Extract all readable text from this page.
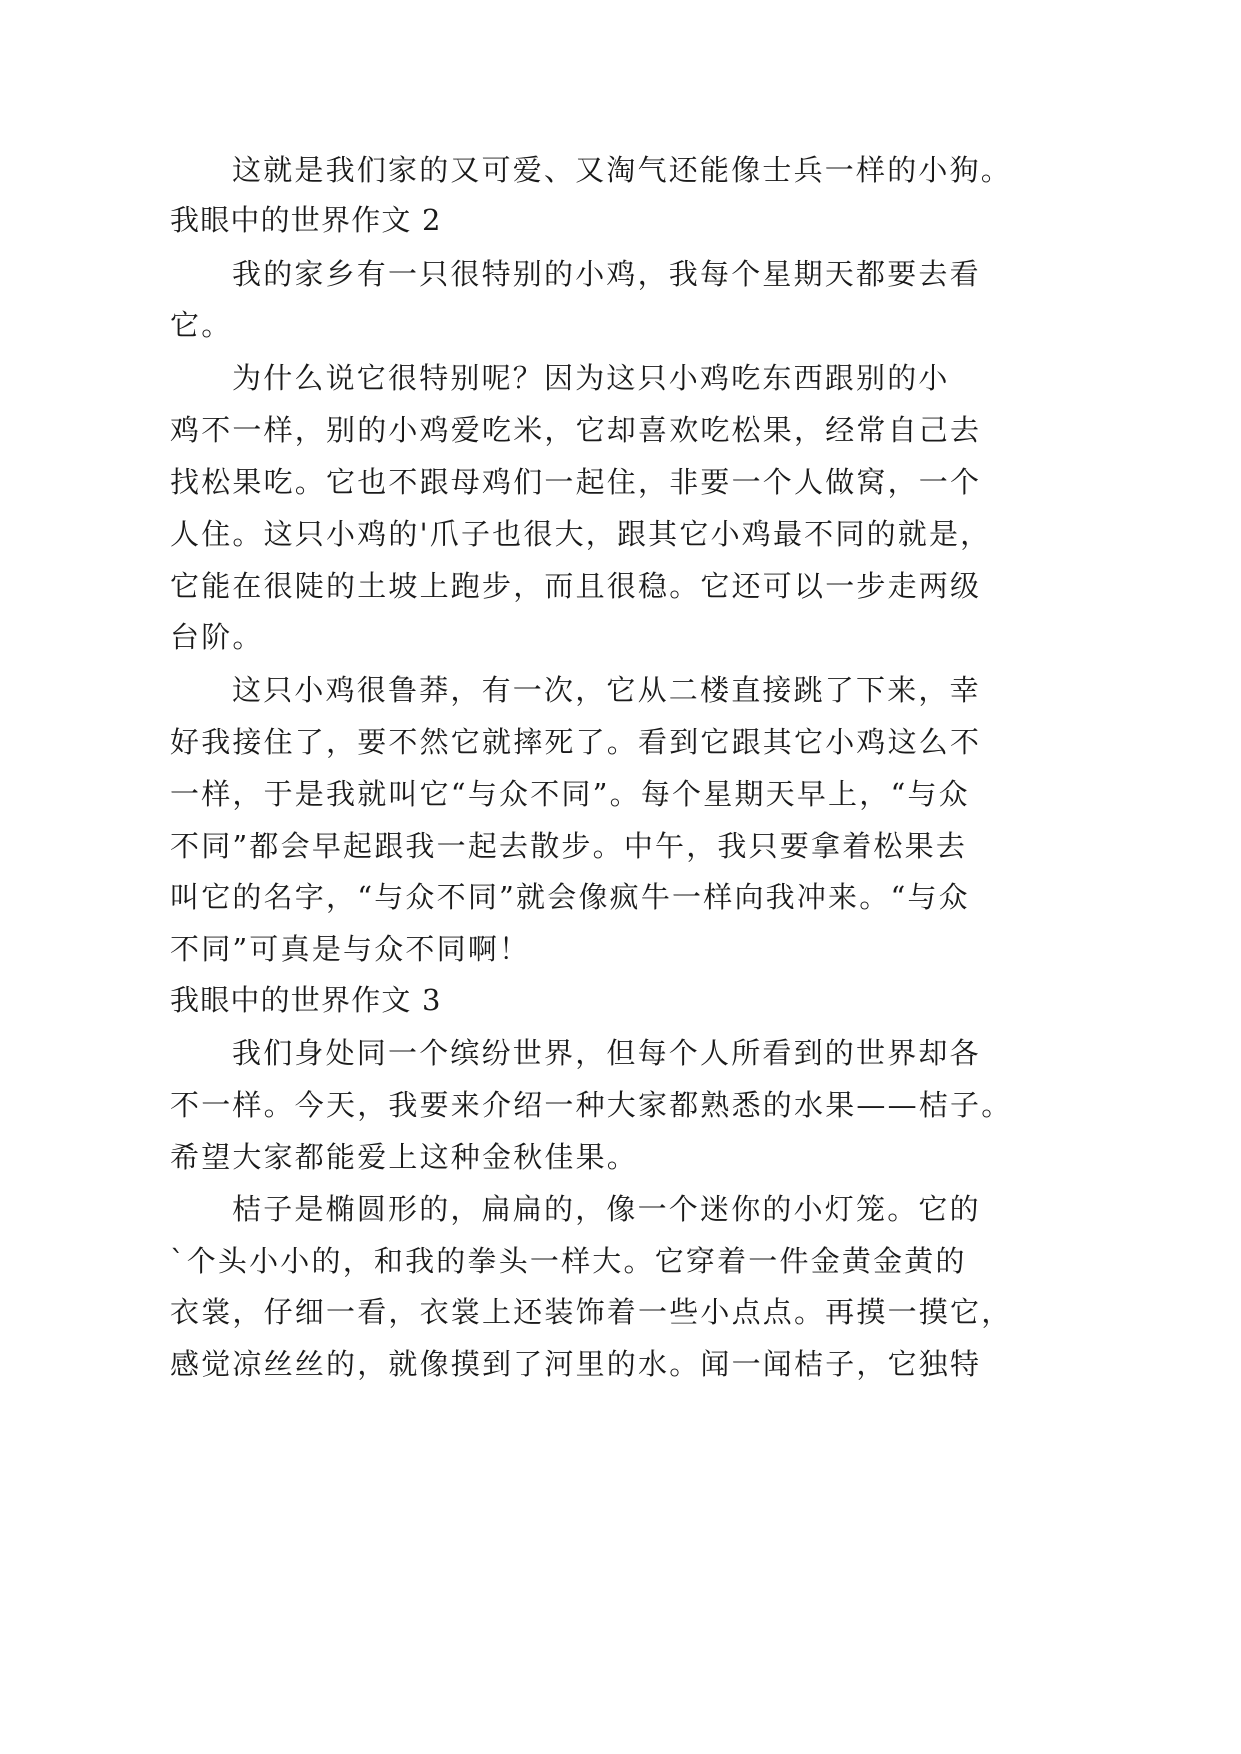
这就是我们家的又可爱、又淘气还能像士兵一样的小狗。

我眼中的世界作文 2

我的家乡有一只很特别的小鸡，我每个星期天都要去看

它。

为什么说它很特别呢？因为这只小鸡吃东西跟别的小

鸡不一样，别的小鸡爱吃米，它却喜欢吃松果，经常自己去

找松果吃。它也不跟母鸡们一起住，非要一个人做窝，一个

人住。这只小鸡的'爪子也很大，跟其它小鸡最不同的就是，

它能在很陡的土坡上跑步，而且很稳。它还可以一步走两级

台阶。

这只小鸡很鲁莽，有一次，它从二楼直接跳了下来，幸

好我接住了，要不然它就摔死了。看到它跟其它小鸡这么不

一样，于是我就叫它“与众不同”。每个星期天早上，“与众

不同”都会早起跟我一起去散步。中午，我只要拿着松果去

叫它的名字，“与众不同”就会像疯牛一样向我冲来。“与众

不同”可真是与众不同啊！

我眼中的世界作文 3

我们身处同一个缤纷世界，但每个人所看到的世界却各

不一样。今天，我要来介绍一种大家都熟悉的水果——桔子。

希望大家都能爱上这种金秋佳果。

桔子是椭圆形的，扁扁的，像一个迷你的小灯笼。它的

`个头小小的，和我的拳头一样大。它穿着一件金黄金黄的

衣裳，仔细一看，衣裳上还装饰着一些小点点。再摸一摸它，

感觉凉丝丝的，就像摸到了河里的水。闻一闻桔子，它独特
